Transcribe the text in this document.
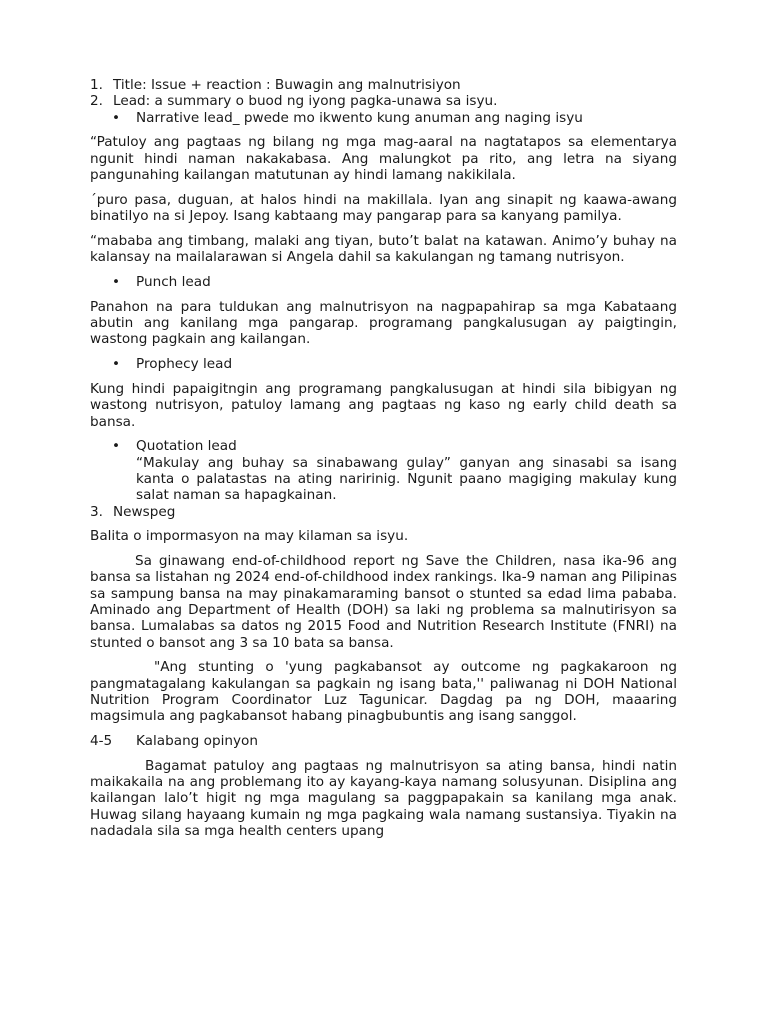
1. Title: Issue + reaction : Buwagin ang malnutrisiyon
2. Lead: a summary o buod ng iyong pagka-unawa sa isyu.
•	Narrative lead_ pwede mo ikwento kung anuman ang naging isyu

“Patuloy ang pagtaas ng bilang ng mga mag-aaral na nagtatapos sa elementarya ngunit hindi naman nakakabasa. Ang malungkot pa rito, ang letra na siyang pangunahing kailangan matutunan ay hindi lamang nakikilala.

´puro pasa, duguan, at halos hindi na makillala. Iyan ang sinapit ng kaawa-awang binatilyo na si Jepoy. Isang kabtaang may pangarap para sa kanyang pamilya.

“mababa ang timbang, malaki ang tiyan, buto’t balat na katawan. Animo’y buhay na kalansay na mailalarawan si Angela dahil sa kakulangan ng tamang nutrisyon.

•	Punch lead

Panahon na para tuldukan ang malnutrisyon na nagpapahirap sa mga Kabataang abutin ang kanilang mga pangarap. programang pangkalusugan ay paigtingin, wastong pagkain ang kailangan.

•	Prophecy lead

Kung hindi papaigitngin ang programang pangkalusugan at hindi sila bibigyan ng wastong nutrisyon, patuloy lamang ang pagtaas ng kaso ng early child death sa bansa.

•	Quotation lead
“Makulay ang buhay sa sinabawang gulay” ganyan ang sinasabi sa isang kanta o palatastas na ating naririnig. Ngunit paano magiging makulay kung salat naman sa hapagkainan.
3. Newspeg

Balita o impormasyon na may kilaman sa isyu.

Sa ginawang end-of-childhood report ng Save the Children, nasa ika-96 ang bansa sa listahan ng 2024 end-of-childhood index rankings. Ika-9 naman ang Pilipinas sa sampung bansa na may pinakamaraming bansot o stunted sa edad lima pababa. Aminado ang Department of Health (DOH) sa laki ng problema sa malnutirisyon sa bansa. Lumalabas sa datos ng 2015 Food and Nutrition Research Institute (FNRI) na stunted o bansot ang 3 sa 10 bata sa bansa.

"Ang stunting o 'yung pagkabansot ay outcome ng pagkakaroon ng pangmatagalang kakulangan sa pagkain ng isang bata,'' paliwanag ni DOH National Nutrition Program Coordinator Luz Tagunicar. Dagdag pa ng DOH, maaaring magsimula ang pagkabansot habang pinagbubuntis ang isang sanggol.

4-5	Kalabang opinyon

Bagamat patuloy ang pagtaas ng malnutrisyon sa ating bansa, hindi natin maikakaila na ang problemang ito ay kayang-kaya namang solusyunan. Disiplina ang kailangan lalo’t higit ng mga magulang sa paggpapakain sa kanilang mga anak. Huwag silang hayaang kumain ng mga pagkaing wala namang sustansiya. Tiyakin na nadadala sila sa mga health centers upang
